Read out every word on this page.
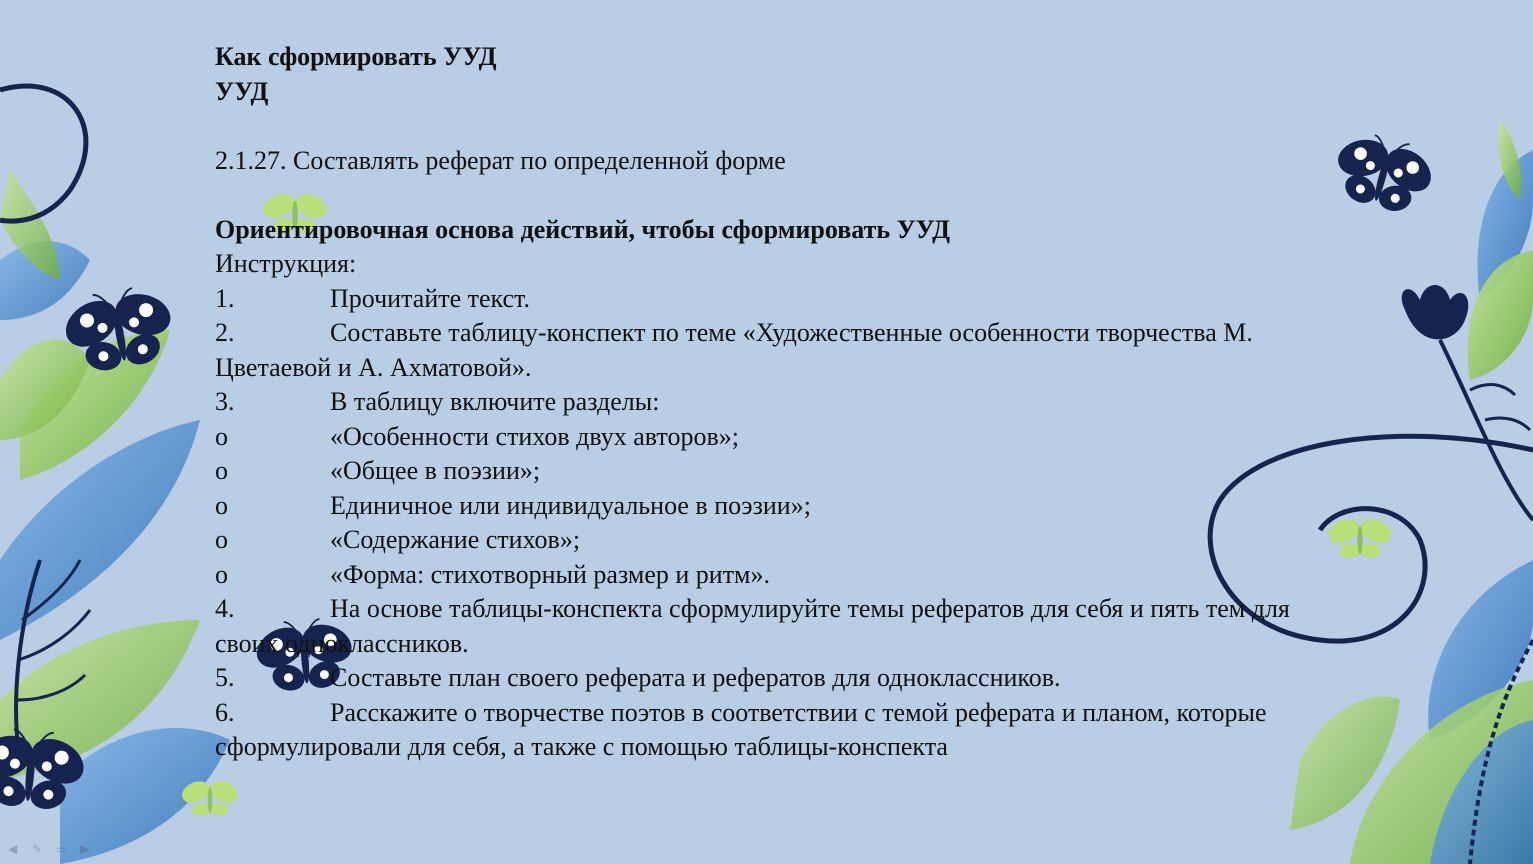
Как сформировать УУД

УУД

2.1.27. Составлять реферат по определенной форме

Ориентировочная основа действий, чтобы сформировать УУД

Инструкция:

1.	Прочитайте текст.

2.	Составьте таблицу-конспект по теме «Художественные особенности творчества М.

Цветаевой и А. Ахматовой».

3.	В таблицу включите разделы:

o	«Особенности стихов двух авторов»;

o	«Общее в поэзии»;

o	Единичное или индивидуальное в поэзии»;

o	«Содержание стихов»;

o	«Форма: стихотворный размер и ритм».

4.	На основе таблицы-конспекта сформулируйте темы рефератов для себя и пять тем для

своих одноклассников.

5.	Составьте план своего реферата и рефератов для одноклассников.

6.	Расскажите о творчестве поэтов в соответствии с темой реферата и планом, которые

сформулировали для себя, а также с помощью таблицы-конспекта

◀ ✎ ▭ ▶
